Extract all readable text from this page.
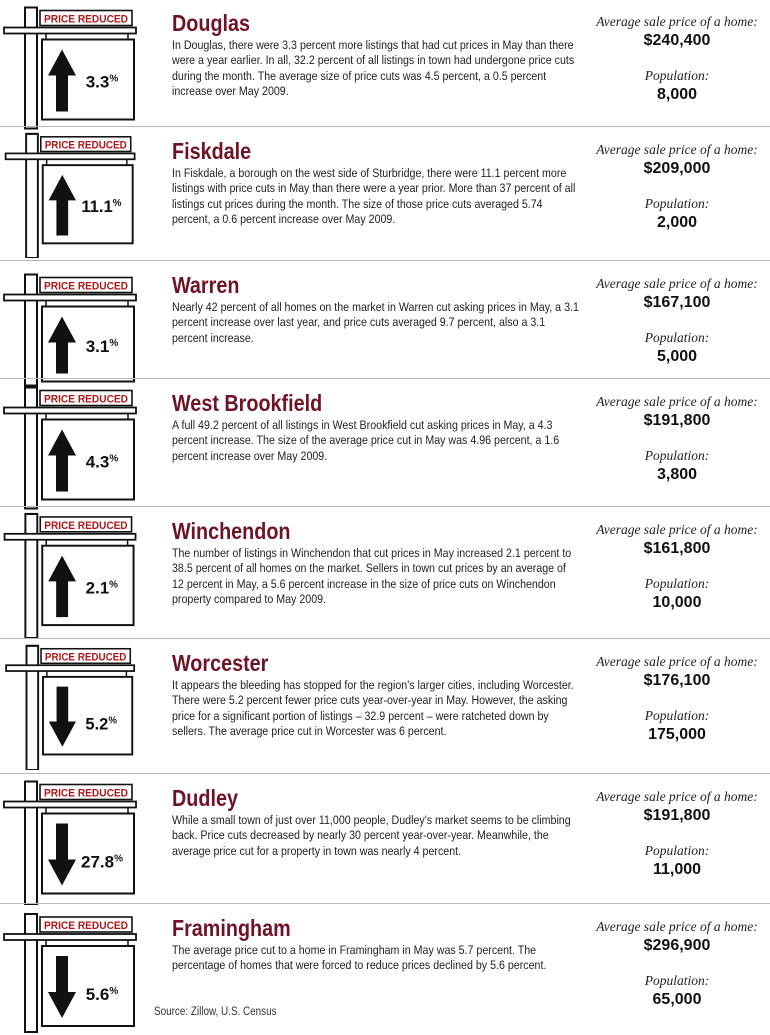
PRICE REDUCED
3.3%
Douglas
In Douglas, there were 3.3 percent more listings that had cut prices in May than there were a year earlier. In all, 32.2 percent of all listings in town had undergone price cuts during the month. The average size of price cuts was 4.5 percent, a 0.5 percent increase over May 2009.
Average sale price of a home:
$240,400
Population:
8,000
PRICE REDUCED
11.1%
Fiskdale
In Fiskdale, a borough on the west side of Sturbridge, there were 11.1 percent more listings with price cuts in May than there were a year prior. More than 37 percent of all listings cut prices during the month. The size of those price cuts averaged 5.74 percent, a 0.6 percent increase over May 2009.
Average sale price of a home:
$209,000
Population:
2,000
PRICE REDUCED
3.1%
Warren
Nearly 42 percent of all homes on the market in Warren cut asking prices in May, a 3.1 percent increase over last year, and price cuts averaged 9.7 percent, also a 3.1 percent increase.
Average sale price of a home:
$167,100
Population:
5,000
PRICE REDUCED
4.3%
West Brookfield
A full 49.2 percent of all listings in West Brookfield cut asking prices in May, a 4.3 percent increase. The size of the average price cut in May was 4.96 percent, a 1.6 percent increase over May 2009.
Average sale price of a home:
$191,800
Population:
3,800
PRICE REDUCED
2.1%
Winchendon
The number of listings in Winchendon that cut prices in May increased 2.1 percent to 38.5 percent of all homes on the market. Sellers in town cut prices by an average of 12 percent in May, a 5.6 percent increase in the size of price cuts on Winchendon property compared to May 2009.
Average sale price of a home:
$161,800
Population:
10,000
PRICE REDUCED
5.2%
Worcester
It appears the bleeding has stopped for the region's larger cities, including Worcester. There were 5.2 percent fewer price cuts year-over-year in May. However, the asking price for a significant portion of listings – 32.9 percent – were ratcheted down by sellers. The average price cut in Worcester was 6 percent.
Average sale price of a home:
$176,100
Population:
175,000
PRICE REDUCED
27.8%
Dudley
While a small town of just over 11,000 people, Dudley's market seems to be climbing back. Price cuts decreased by nearly 30 percent year-over-year. Meanwhile, the average price cut for a property in town was nearly 4 percent.
Average sale price of a home:
$191,800
Population:
11,000
PRICE REDUCED
5.6%
Framingham
The average price cut to a home in Framingham in May was 5.7 percent. The percentage of homes that were forced to reduce prices declined by 5.6 percent.
Average sale price of a home:
$296,900
Population:
65,000
Source: Zillow, U.S. Census
